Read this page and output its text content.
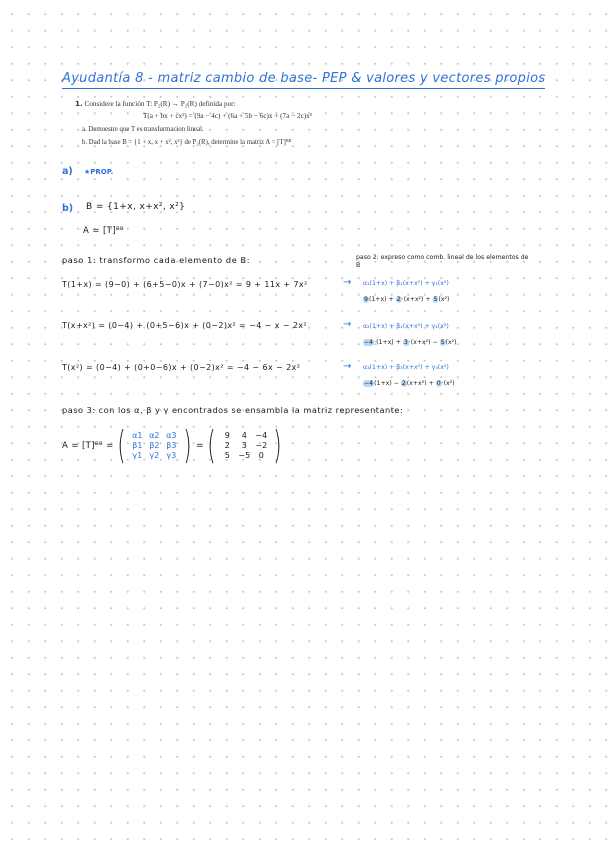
Ayudantía 8 - matriz cambio de base- PEP & valores y vectores propios
1. Considere la función T: P₂(R) → P₂(R) definida por:
T(a + bx + cx²) = (9a − 4c) + (6a + 5b − 6c)x + (7a − 2c)x²
a. Demuestre que T es transformacion lineal.
b. Dad la base B = {1 + x, x + x², x²} de P₂(R), determine la matriz A = [T]ᴮᴮ
a) ★PROP.
b) B = {1+x, x+x², x²}
A = [T]ᴮᴮ
paso 1: transformo cada elemento de B:	paso 2: expreso como comb. lineal de los elementos de B
T(1+x) = (9−0) + (6+5−0)x + (7−0)x² = 9 + 11x + 7x²	→ α₁(1+x) + β₁(x+x²) + γ₁(x²)
9(1+x) + 2·(x+x²) + 5(x²)
T(x+x²) = (0−4) + (0+5−6)x + (0−2)x² = −4 − x − 2x²	→ α₂(1+x) + β₂(x+x²) + γ₂(x²)
−4·(1+x) + 3·(x+x²) − 5(x²)
T(x²) = (0−4) + (0+0−6)x + (0−2)x² = −4 − 6x − 2x²	→ α₃(1+x) + β₃(x+x²) + γ₃(x²)
−4(1+x) − 2(x+x²) + 0·(x²)
paso 3: con los α, β y γ encontrados se ensambla la matriz representante:
A = [T]ᴮᴮ = ( α1 α2 α3
β1 β2 β3
γ1 γ2 γ3 ) = (	9	4	−4
2	3	−2
5	−5	0 )
